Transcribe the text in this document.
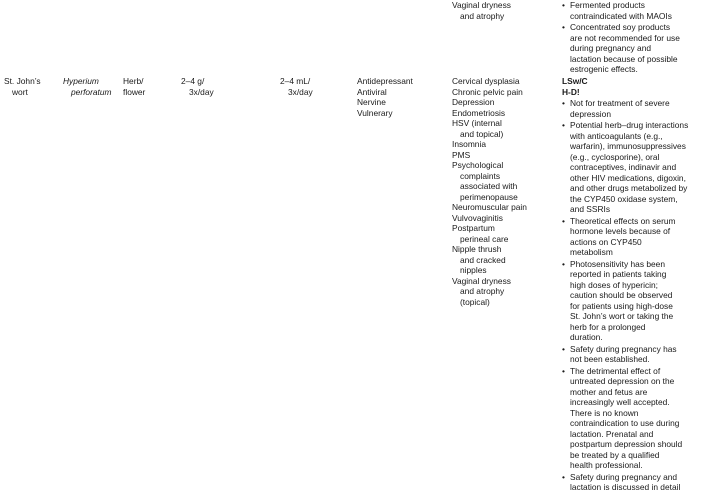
Vaginal dryness
and atrophy
• Fermented products
contraindicated with MAOIs
• Concentrated soy products
are not recommended for use
during pregnancy and
lactation because of possible
estrogenic effects.
St. John’s
wort
Hyperium
perforatum
Herb/
flower
2–4 g/
3x/day
2–4 mL/
3x/day
Antidepressant
Antiviral
Nervine
Vulnerary
Cervical dysplasia
Chronic pelvic pain
Depression
Endometriosis
HSV (internal
and topical)
Insomnia
PMS
Psychological
complaints
associated with
perimenopause
Neuromuscular pain
Vulvovaginitis
Postpartum
perineal care
Nipple thrush
and cracked
nipples
Vaginal dryness
and atrophy
(topical)
LSw/C
H-D!
• Not for treatment of severe
depression
• Potential herb–drug interactions
with anticoagulants (e.g.,
warfarin), immunosuppressives
(e.g., cyclosporine), oral
contraceptives, indinavir and
other HIV medications, digoxin,
and other drugs metabolized by
the CYP450 oxidase system,
and SSRIs
• Theoretical effects on serum
hormone levels because of
actions on CYP450
metabolism
• Photosensitivity has been
reported in patients taking
high doses of hypericin;
caution should be observed
for patients using high-dose
St. John’s wort or taking the
herb for a prolonged
duration.
• Safety during pregnancy has
not been established.
• The detrimental effect of
untreated depression on the
mother and fetus are
increasingly well accepted.
There is no known
contraindication to use during
lactation. Prenatal and
postpartum depression should
be treated by a qualified
health professional.
• Safety during pregnancy and
lactation is discussed in detail
